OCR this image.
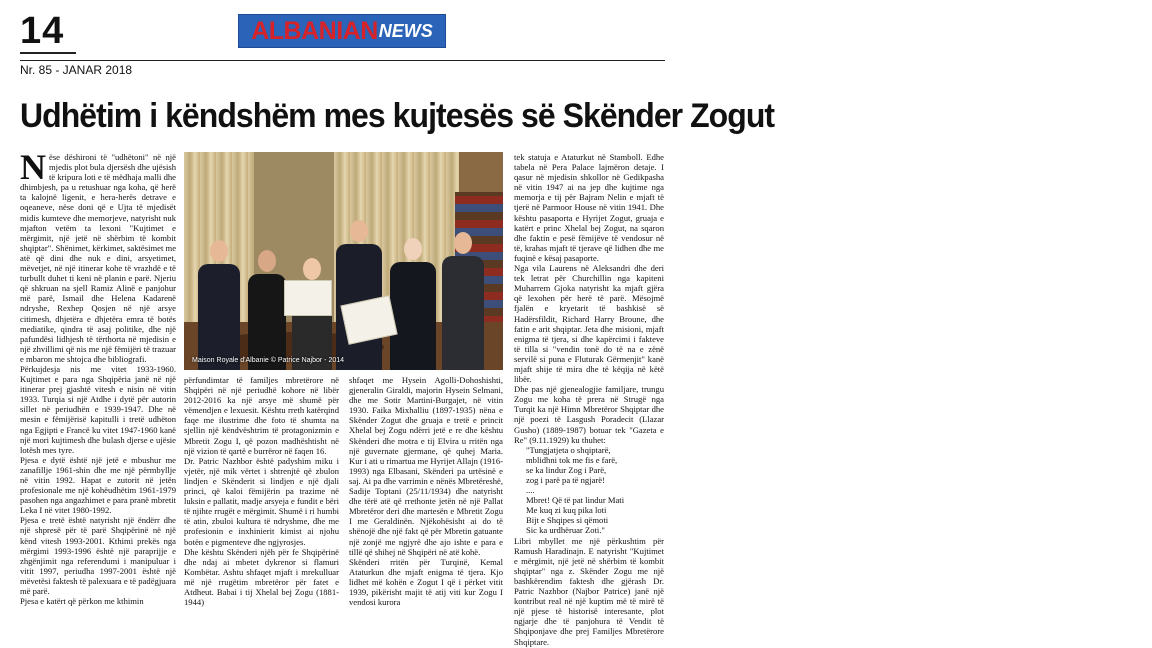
14	ALBANIAN NEWS
Nr. 85 - JANAR 2018
Udhëtim i këndshëm mes kujtesës së Skënder Zogut

Nëse dëshironi të "udhëtoni" në një mjedis plot bula djersësh dhe ujësish të kripura loti e të mëdhaja malli dhe dhimbjesh, pa u retushuar nga koha, që herë ta kalojnë ligenit, e hera-herës detrave e oqeaneve, nëse doni që e Ujta të mjedisët midis kumteve dhe memorjeve, natyrisht nuk mjafton vetëm ta lexoni "Kujtimet e mërgimit, një jetë në shërbim të kombit shqiptar". Shënimet, kërkimet, saktësimet me atë që dini dhe nuk e dini, arsyetimet, mëvetjet, në një itinerar kohe të vrazhdë e të turbullt duhet ti keni në planin e parë. Njeriu që shkruan na sjell Ramiz Alinë e panjohur më parë, Ismail dhe Helena Kadarenë ndryshe, Rexhep Qosjen në një arsye citimesh, dhjetëra e dhjetëra emra të botës mediatike, qindra të asaj politike, dhe një pafundësi lidhjesh të tërthorta në mjedisin e një zhvillimi që nis me një fëmijëri të trazuar e mbaron me shtojca dhe bibliografi.

Përkujdesja nis me vitet 1933-1960. Kujtimet e para nga Shqipëria janë në një itinerar prej gjashtë vitesh e nisin në vitin 1933. Turqia si një Atdhe i dytë për autorin sillet në periudhën e 1939-1947. Dhe në mesin e fëmijërisë kapitulli i tretë udhëton nga Egjipti e Francë ku vitet 1947-1960 kanë një mori kujtimesh dhe bulash djerse e ujësie lotësh mes tyre.

Pjesa e dytë është një jetë e mbushur me zanafillje 1961-shin dhe me një përmbyllje në vitin 1992. Hapat e zutorit në jetën profesionale me një kohëudhëtim 1961-1979 pasohen nga angazhimet e para pranë mbretit Leka I në vitet 1980-1992.

Pjesa e tretë është natyrisht një ëndërr dhe një shpresë për të parë Shqipërinë në një kënd vitesh 1993-2001. Kthimi prekës nga mërgimi 1993-1996 është një paraprijje e zhgënjimit nga referendumi i manipuluar i vitit 1997, periudha 1997-2001 është një mëvetësi faktesh të palexuara e të padëgjuara më parë.

Pjesa e katërt që përkon me kthimin

Maison Royale d'Albanie © Patrice Najbor - 2014

përfundimtar të familjes mbretërore në Shqipëri në një periudhë kohore në libër 2012-2016 ka një arsye më shumë për vëmendjen e lexuesit. Kështu rreth katërqind faqe me ilustrime dhe foto të shumta na sjellin një këndvështrim të protagonizmin e Mbretit Zogu I, që pozon madhështisht në një vizion të qartë e burrëror në faqen 16.

Dr. Patric Nazhbor është padyshim miku i vjetër, një mik vërtet i shtrenjtë që zbulon lindjen e Skënderit si lindjen e një djali princi, që kaloi fëmijërin pa trazime në luksin e pallatit, madje arsyeja e fundit e bëri të njihte rrugët e mërgimit. Shumë i ri humbi të atin, zbuloi kultura të ndryshme, dhe me profesionin e inxhinierit kimist ai njohu botën e pigmenteve dhe ngjyrosjes.

Dhe kështu Skënderi njëh për fe Shqipërinë dhe ndaj ai mbetet dykrenor si flamuri Kombëtar. Ashtu shfaqet mjaft i mrekulluar më një rrugëtim mbretëror për fatet e Atdheut. Babai i tij Xhelal bej Zogu (1881-1944)

shfaqet me Hysein Agolli-Dohoshishti, gjeneralin Giraldi, majorin Hysein Selmani, dhe me Sotir Martini-Burgajet, në vitin 1930. Faika Mixhalliu (1897-1935) nëna e Skënder Zogut dhe gruaja e tretë e princit Xhelal bej Zogu ndërri jetë e re dhe kështu Skënderi dhe motra e tij Elvira u rritën nga një guvernate gjermane, që quhej Maria. Kur i ati u rimartua me Hyrijet Allajn (1916-1993) nga Elbasani, Skënderi pa urtësinë e saj. Ai pa dhe varrimin e nënës Mbretëreshë, Sadije Toptani (25/11/1934) dhe natyrisht dhe tërë atë që rrethonte jetën në një Pallat Mbretëror deri dhe martesën e Mbretit Zogu I me Geraldinën. Njëkohësisht ai do të shënojë dhe një fakt që për Mbretin gatuante një zonjë me ngjyrë dhe ajo ishte e para e tillë që shihej në Shqipëri në atë kohë.

Skënderi rritën për Turqinë, Kemal Ataturkun dhe mjaft enigma të tjera. Kjo lidhet më kohën e Zogut I që i përket vitit 1939, pikërisht majit të atij viti kur Zogu I vendosi kurora

tek statuja e Ataturkut në Stamboll. Edhe tabela në Pera Palace lajmëron detaje. I qasur në mjedisin shkollor në Gedikpasha në vitin 1947 ai na jep dhe kujtime nga memorja e tij për Bajram Nelin e mjaft të tjerë në Parmoor House në vitin 1941. Dhe kështu pasaporta e Hyrijet Zogut, gruaja e katërt e princ Xhelal bej Zogut, na sqaron dhe faktin e pesë fëmijëve të vendosur në të, krahas mjaft të tjerave që lidhen dhe me fuqinë e kësaj pasaporte.

Nga vila Laurens në Aleksandri dhe deri tek letrat për Churchillin nga kapiteni Muharrem Gjoka natyrisht ka mjaft gjëra që lexohen për herë të parë. Mësojmë fjalën e kryetarit të bashkisë së Hadërsfildit, Richard Harry Broune, dhe fatin e arit shqiptar. Jeta dhe misioni, mjaft enigma të tjera, si dhe kapërcimi i fakteve të tilla si "vendin tonë do të na e zënë servilë si puna e Fluturak Gërmenjit" kanë mjaft shije të mira dhe të këqija në këtë libër.

Dhe pas një gjenealogjie familjare, trungu Zogu me koha të prera në Strugë nga Turqit ka një Himn Mbretëror Shqiptar dhe një poezi të Lasgush Poradecit (Llazar Gusho) (1889-1987) botuar tek "Gazeta e Re" (9.11.1929) ku thuhet:

"Tungjatjeta o shqiptarë,

mblidhni tok me fis e farë,

se ka lindur Zog i Parë,

zog i parë pa të ngjarë!

....

Mbret! Që të pat lindur Mati

Me kuq zi kuq pika loti

Bijt e Shqipes si qëmoti

Sic ka urdhëruar Zoti."

Libri mbyllet me një përkushtim për Ramush Haradinajn. E natyrisht "Kujtimet e mërgimit, një jetë në shërbim të kombit shqiptar" nga z. Skënder Zogu me një bashkërendim faktesh dhe gjërash Dr. Patric Nazhbor (Najbor Patrice) janë një kontribut real në një kuptim më të mirë të një pjese të historisë interesante, plot ngjarje dhe të panjohura të Vendit të Shqiponjave dhe prej Familjes Mbretërore Shqiptare.
